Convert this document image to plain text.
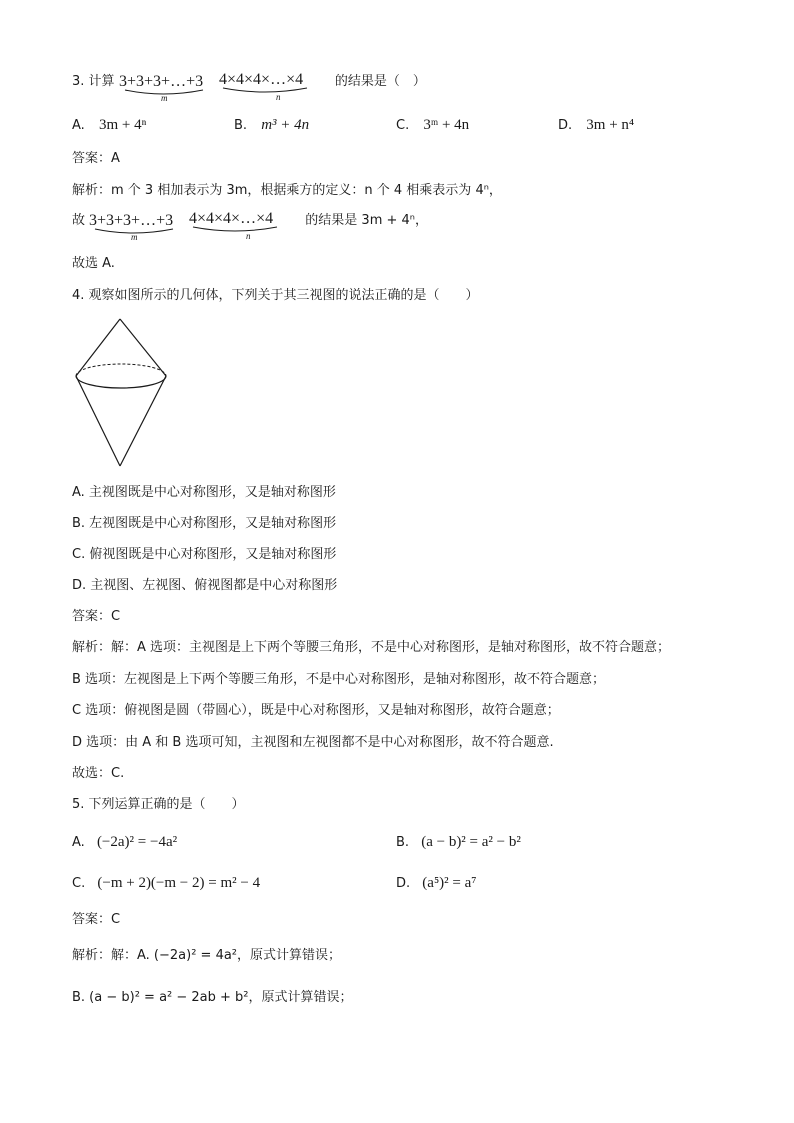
3. 计算 3+3+3+…+3
m
4×4×4×…×4
n
的结果是（　）
A. 3m + 4ⁿ	B. m³ + 4n	C. 3ᵐ + 4n	D. 3m + n⁴
答案：A
解析：m 个 3 相加表示为 3m，根据乘方的定义：n 个 4 相乘表示为 4ⁿ，
故 3+3+3+…+3
m
4×4×4×…×4
n
的结果是 3m + 4ⁿ，
故选 A.
4. 观察如图所示的几何体，下列关于其三视图的说法正确的是（　　）
A. 主视图既是中心对称图形，又是轴对称图形
B. 左视图既是中心对称图形，又是轴对称图形
C. 俯视图既是中心对称图形，又是轴对称图形
D. 主视图、左视图、俯视图都是中心对称图形
答案：C
解析：解：A 选项：主视图是上下两个等腰三角形，不是中心对称图形，是轴对称图形，故不符合题意；
B 选项：左视图是上下两个等腰三角形，不是中心对称图形，是轴对称图形，故不符合题意；
C 选项：俯视图是圆（带圆心），既是中心对称图形，又是轴对称图形，故符合题意；
D 选项：由 A 和 B 选项可知，主视图和左视图都不是中心对称图形，故不符合题意.
故选：C.
5. 下列运算正确的是（　　）
A. (−2a)² = −4a²	B. (a − b)² = a² − b²
C. (−m + 2)(−m − 2) = m² − 4	D. (a⁵)² = a⁷
答案：C
解析：解：A. (−2a)² = 4a²，原式计算错误；
B. (a − b)² = a² − 2ab + b²，原式计算错误；
